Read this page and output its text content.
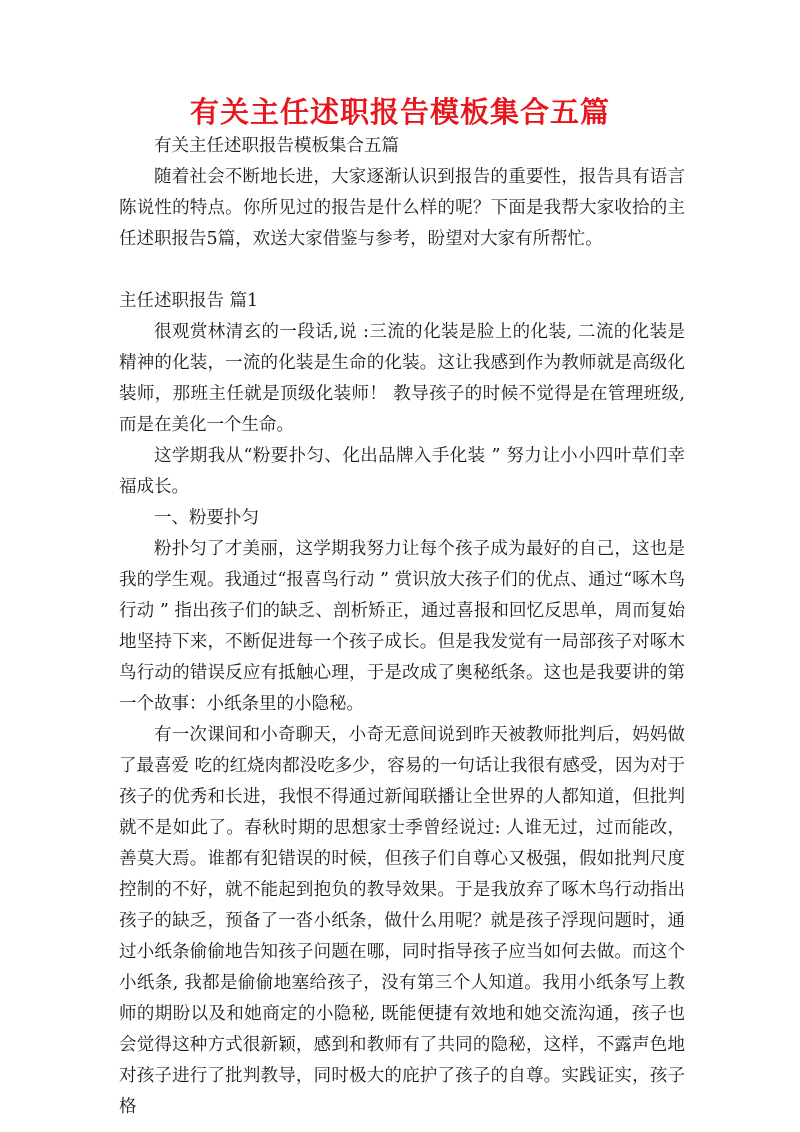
有关主任述职报告模板集合五篇

有关主任述职报告模板集合五篇

随着社会不断地长进，大家逐渐认识到报告的重要性，报告具有语言陈说性的特点。你所见过的报告是什么样的呢？下面是我帮大家收拾的主任述职报告5篇，欢送大家借鉴与参考，盼望对大家有所帮忙。

主任述职报告 篇1

很观赏林清玄的一段话,说 :三流的化装是脸上的化装, 二流的化装是精神的化装，一流的化装是生命的化装。这让我感到作为教师就是高级化装师，那班主任就是顶级化装师！ 教导孩子的时候不觉得是在管理班级, 而是在美化一个生命。

这学期我从“粉要扑匀、化出品牌入手化装 ” 努力让小小四叶草们幸福成长。

一、粉要扑匀

粉扑匀了才美丽，这学期我努力让每个孩子成为最好的自己，这也是我的学生观。我通过“报喜鸟行动 ” 赏识放大孩子们的优点、通过“啄木鸟行动 ” 指出孩子们的缺乏、剖析矫正，通过喜报和回忆反思单，周而复始地坚持下来，不断促进每一个孩子成长。但是我发觉有一局部孩子对啄木鸟行动的错误反应有抵触心理，于是改成了奥秘纸条。这也是我要讲的第一个故事：小纸条里的小隐秘。

有一次课间和小奇聊天，小奇无意间说到昨天被教师批判后，妈妈做了最喜爱 吃的红烧肉都没吃多少，容易的一句话让我很有感受，因为对于孩子的优秀和长进，我恨不得通过新闻联播让全世界的人都知道，但批判就不是如此了。春秋时期的思想家士季曾经说过: 人谁无过，过而能改，善莫大焉。谁都有犯错误的时候，但孩子们自尊心又极强，假如批判尺度控制的不好，就不能起到抱负的教导效果。于是我放弃了啄木鸟行动指出孩子的缺乏，预备了一沓小纸条，做什么用呢？就是孩子浮现问题时，通过小纸条偷偷地告知孩子问题在哪，同时指导孩子应当如何去做。而这个小纸条, 我都是偷偷地塞给孩子，没有第三个人知道。我用小纸条写上教师的期盼以及和她商定的小隐秘, 既能便捷有效地和她交流沟通，孩子也会觉得这种方式很新颖，感到和教师有了共同的隐秘，这样，不露声色地对孩子进行了批判教导，同时极大的庇护了孩子的自尊。实践证实，孩子格
